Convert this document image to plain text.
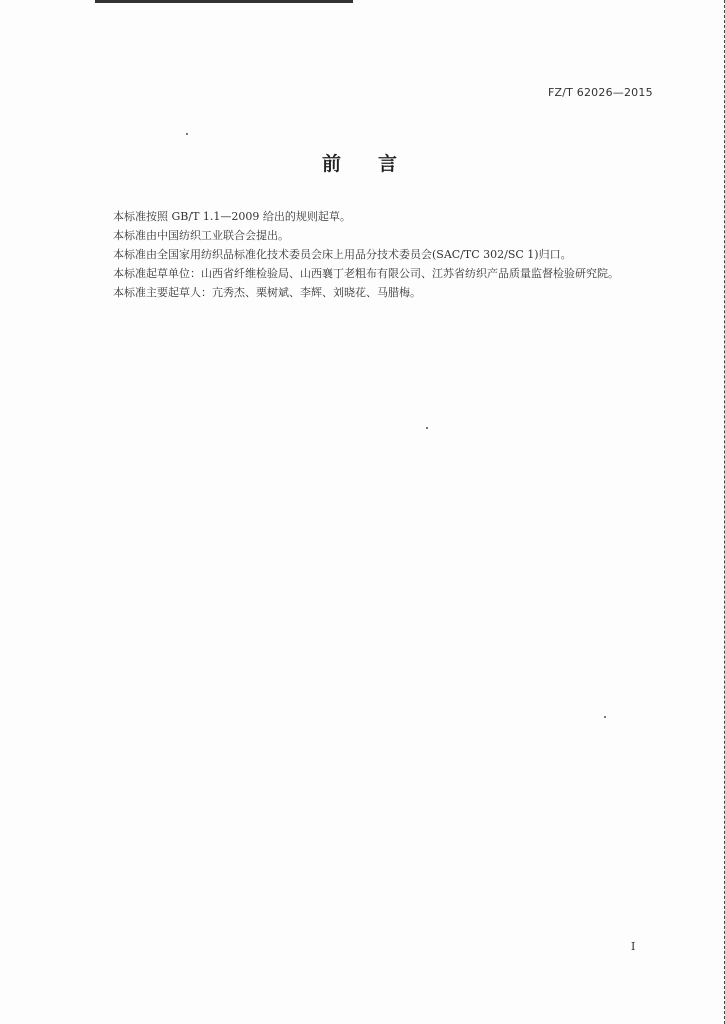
FZ/T 62026—2015
前言

本标准按照 GB/T 1.1—2009 给出的规则起草。

本标准由中国纺织工业联合会提出。

本标准由全国家用纺织品标准化技术委员会床上用品分技术委员会(SAC/TC 302/SC 1)归口。

本标准起草单位：山西省纤维检验局、山西襄丁老粗布有限公司、江苏省纺织产品质量监督检验研究院。

本标准主要起草人：亢秀杰、栗树斌、李辉、刘晓花、马腊梅。

I
